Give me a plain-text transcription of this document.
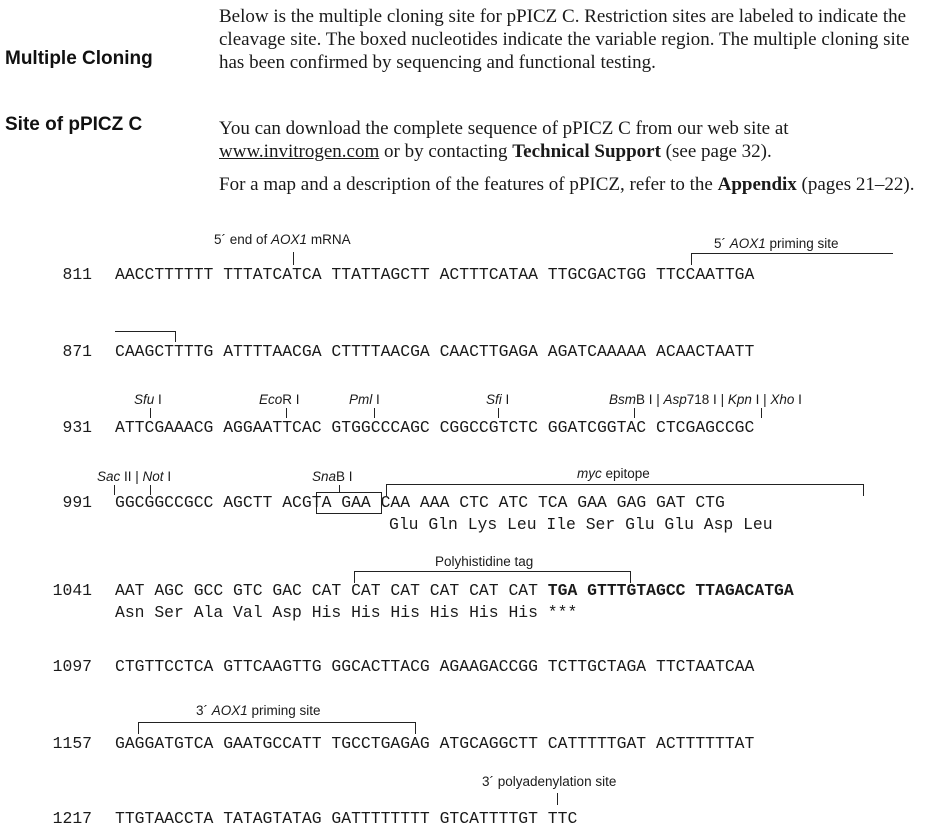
Multiple Cloning

Site of pPICZ C

Below is the multiple cloning site for pPICZ C. Restriction sites are labeled to indicate the cleavage site. The boxed nucleotides indicate the variable region. The multiple cloning site has been confirmed by sequencing and functional testing.
You can download the complete sequence of pPICZ C from our web site at www.invitrogen.com or by contacting Technical Support (see page 32).
For a map and a description of the features of pPICZ, refer to the Appendix (pages 21–22).
5´ end of AOX1 mRNA	5´ AOX1 priming site
811 AACCTTTTTT TTTATCATCA TTATTAGCTT ACTTTCATAA TTGCGACTGG TTCCAATTGA
871 CAAGCTTTTG ATTTTAACGA CTTTTAACGA CAACTTGAGA AGATCAAAAA ACAACTAATT
Sfu I	EcoR I	Pml I	Sfi I	BsmB I | Asp718 I | Kpn I | Xho I
931 ATTCGAAACG AGGAATTCAC GTGGCCCAGC CGGCCGTCTC GGATCGGTAC CTCGAGCCGC
Sac II | Not I	SnaB I	myc epitope
991 GGCGGCCGCC AGCTT ACGTA GAA CAA AAA CTC ATC TCA GAA GAG GAT CTG
Glu Gln Lys Leu Ile Ser Glu Glu Asp Leu
Polyhistidine tag
1041 AAT AGC GCC GTC GAC CAT CAT CAT CAT CAT CAT TGA GTTTGTAGCC TTAGACATGA
Asn Ser Ala Val Asp His His His His His His ***
1097 CTGTTCCTCA GTTCAAGTTG GGCACTTACG AGAAGACCGG TCTTGCTAGA TTCTAATCAA
3´ AOX1 priming site
1157 GAGGATGTCA GAATGCCATT TGCCTGAGAG ATGCAGGCTT CATTTTTGAT ACTTTTTTAT
3´ polyadenylation site
1217 TTGTAACCTA TATAGTATAG GATTTTTTTT GTCATTTTGT TTC
